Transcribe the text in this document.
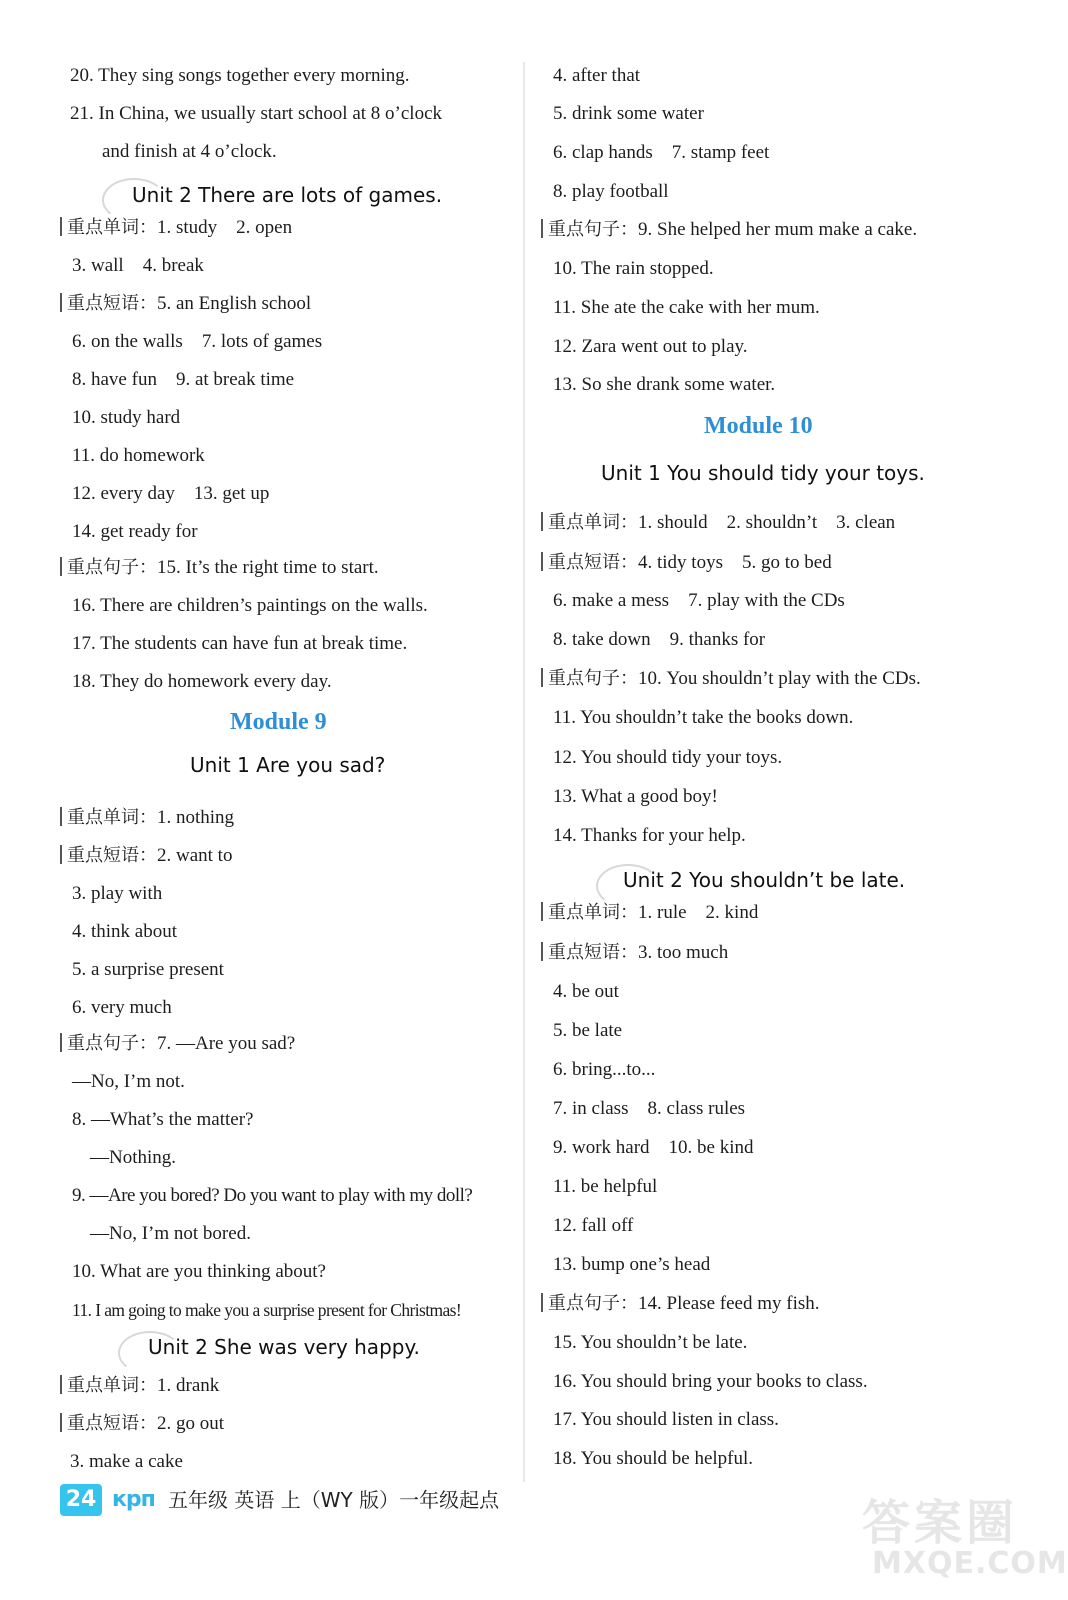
20. They sing songs together every morning.
21. In China, we usually start school at 8 o’clock
and finish at 4 o’clock.
Unit 2 There are lots of games.
重点单词：1. study    2. open
3. wall    4. break
重点短语：5. an English school
6. on the walls    7. lots of games
8. have fun    9. at break time
10. study hard
11. do homework
12. every day    13. get up
14. get ready for
重点句子：15. It’s the right time to start.
16. There are children’s paintings on the walls.
17. The students can have fun at break time.
18. They do homework every day.
Module 9
Unit 1 Are you sad?
重点单词：1. nothing
重点短语：2. want to
3. play with
4. think about
5. a surprise present
6. very much
重点句子：7. —Are you sad?
—No, I’m not.
8. —What’s the matter?
—Nothing.
9. —Are you bored? Do you want to play with my doll?
—No, I’m not bored.
10. What are you thinking about?
11. I am going to make you a surprise present for Christmas!
Unit 2 She was very happy.
重点单词：1. drank
重点短语：2. go out
3. make a cake
4. after that
5. drink some water
6. clap hands    7. stamp feet
8. play football
重点句子：9. She helped her mum make a cake.
10. The rain stopped.
11. She ate the cake with her mum.
12. Zara went out to play.
13. So she drank some water.
Module 10
Unit 1 You should tidy your toys.
重点单词：1. should    2. shouldn’t    3. clean
重点短语：4. tidy toys    5. go to bed
6. make a mess    7. play with the CDs
8. take down    9. thanks for
重点句子：10. You shouldn’t play with the CDs.
11. You shouldn’t take the books down.
12. You should tidy your toys.
13. What a good boy!
14. Thanks for your help.
Unit 2 You shouldn’t be late.
重点单词：1. rule    2. kind
重点短语：3. too much
4. be out
5. be late
6. bring...to...
7. in class    8. class rules
9. work hard    10. be kind
11. be helpful
12. fall off
13. bump one’s head
重点句子：14. Please feed my fish.
15. You shouldn’t be late.
16. You should bring your books to class.
17. You should listen in class.
18. You should be helpful.
24 крп 五年级 英语 上（WY 版）一年级起点	答案圈
MXQE.COM
